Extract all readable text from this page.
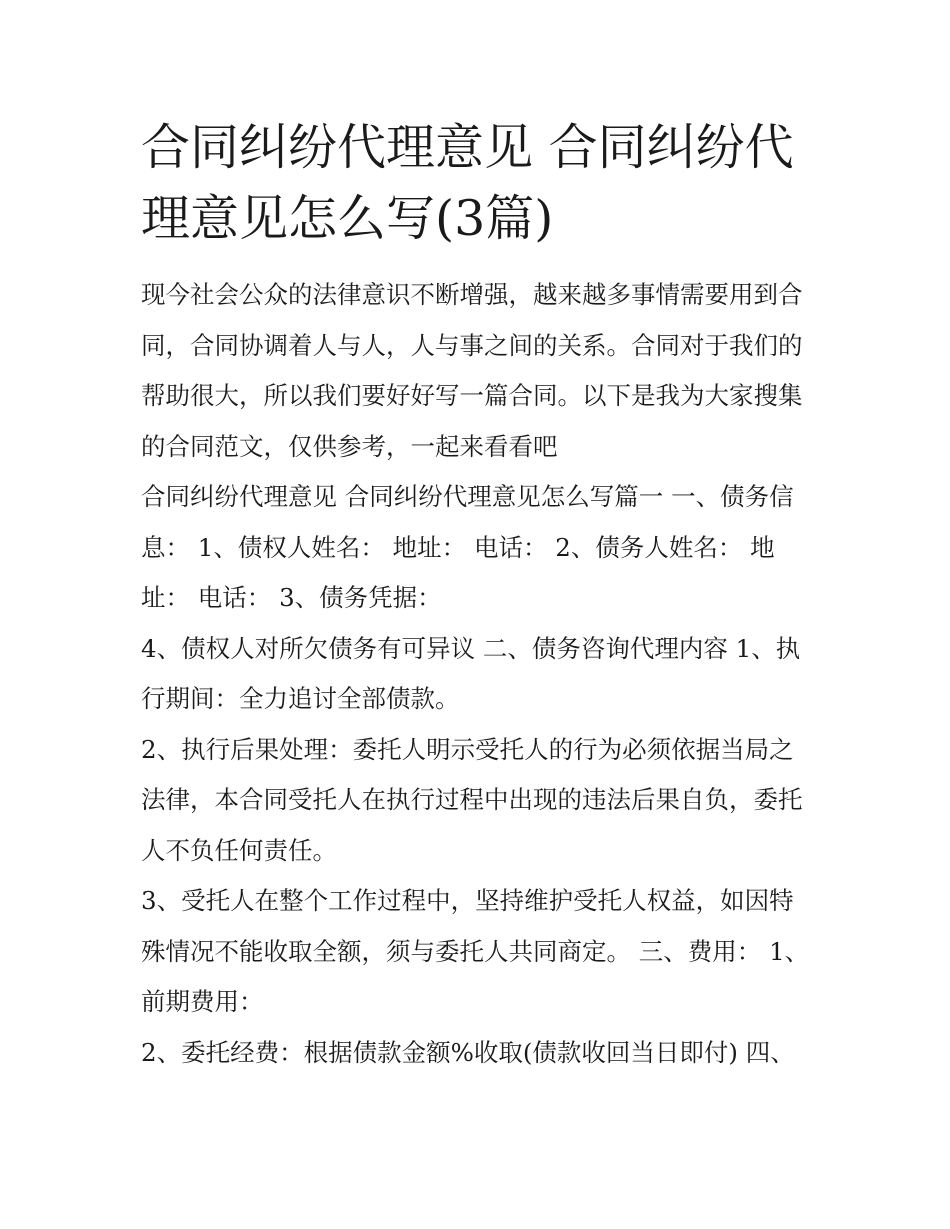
合同纠纷代理意见 合同纠纷代理意见怎么写(3篇)

现今社会公众的法律意识不断增强，越来越多事情需要用到合同，合同协调着人与人，人与事之间的关系。合同对于我们的帮助很大，所以我们要好好写一篇合同。以下是我为大家搜集的合同范文，仅供参考，一起来看看吧

合同纠纷代理意见 合同纠纷代理意见怎么写篇一 一、债务信息： 1、债权人姓名： 地址： 电话： 2、债务人姓名： 地址： 电话： 3、债务凭据：

4、债权人对所欠债务有可异议 二、债务咨询代理内容 1、执行期间：全力追讨全部债款。

2、执行后果处理：委托人明示受托人的行为必须依据当局之法律，本合同受托人在执行过程中出现的违法后果自负，委托人不负任何责任。

3、受托人在整个工作过程中，坚持维护受托人权益，如因特殊情况不能收取全额，须与委托人共同商定。 三、费用： 1、前期费用：

2、委托经费：根据债款金额%收取(债款收回当日即付) 四、
